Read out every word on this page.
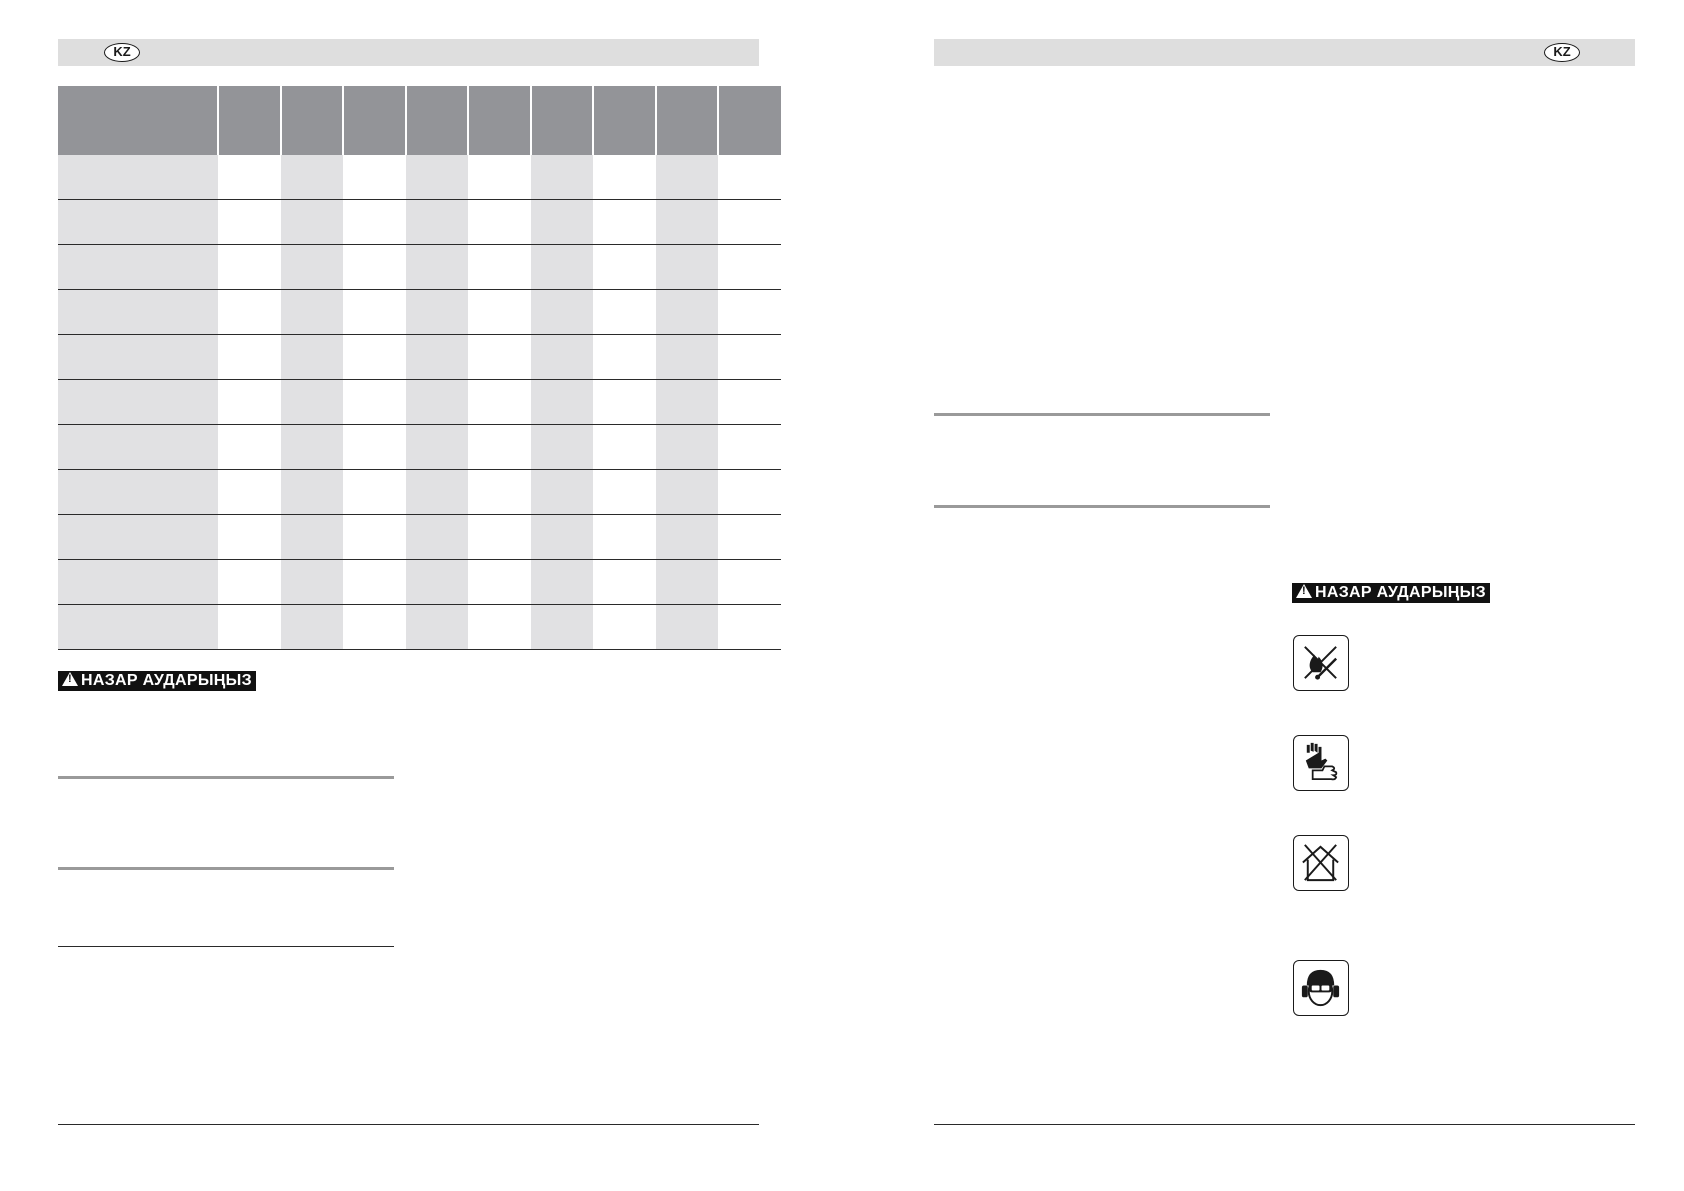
KZ

!НАЗАР АУДАРЫҢЫЗ
KZ
!НАЗАР АУДАРЫҢЫЗ
